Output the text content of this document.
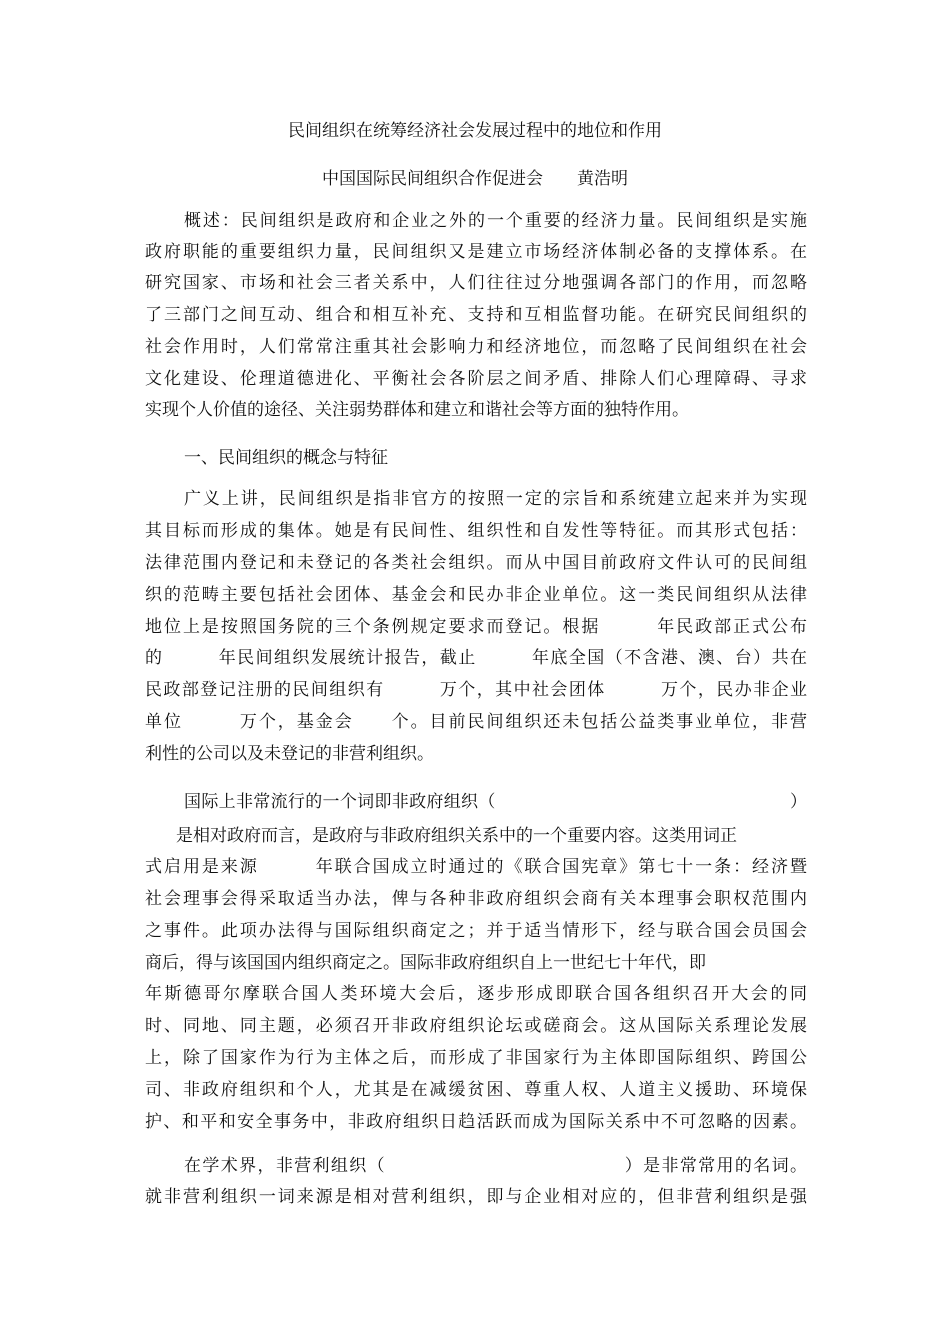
民间组织在统筹经济社会发展过程中的地位和作用
中国国际民间组织合作促进会　　黄浩明
概述：民间组织是政府和企业之外的一个重要的经济力量。民间组织是实施
政府职能的重要组织力量，民间组织又是建立市场经济体制必备的支撑体系。在
研究国家、市场和社会三者关系中，人们往往过分地强调各部门的作用，而忽略
了三部门之间互动、组合和相互补充、支持和互相监督功能。在研究民间组织的
社会作用时，人们常常注重其社会影响力和经济地位，而忽略了民间组织在社会
文化建设、伦理道德进化、平衡社会各阶层之间矛盾、排除人们心理障碍、寻求
实现个人价值的途径、关注弱势群体和建立和谐社会等方面的独特作用。
一、民间组织的概念与特征
广义上讲，民间组织是指非官方的按照一定的宗旨和系统建立起来并为实现
其目标而形成的集体。她是有民间性、组织性和自发性等特征。而其形式包括：
法律范围内登记和未登记的各类社会组织。而从中国目前政府文件认可的民间组
织的范畴主要包括社会团体、基金会和民办非企业单位。这一类民间组织从法律
地位上是按照国务院的三个条例规定要求而登记。根据　　　年民政部正式公布
的　　　年民间组织发展统计报告，截止　　　年底全国（不含港、澳、台）共在
民政部登记注册的民间组织有　　　万个，其中社会团体　　　万个，民办非企业
单位　　　万个，基金会　　个。目前民间组织还未包括公益类事业单位，非营
利性的公司以及未登记的非营利组织。
国际上非常流行的一个词即非政府组织（　　　　　　　　　　　　　　　　　）
是相对政府而言，是政府与非政府组织关系中的一个重要内容。这类用词正
式启用是来源　　　年联合国成立时通过的《联合国宪章》第七十一条：经济暨
社会理事会得采取适当办法，俾与各种非政府组织会商有关本理事会职权范围内
之事件。此项办法得与国际组织商定之；并于适当情形下，经与联合国会员国会
商后，得与该国国内组织商定之。国际非政府组织自上一世纪七十年代，即
年斯德哥尔摩联合国人类环境大会后，逐步形成即联合国各组织召开大会的同
时、同地、同主题，必须召开非政府组织论坛或磋商会。这从国际关系理论发展
上，除了国家作为行为主体之后，而形成了非国家行为主体即国际组织、跨国公
司、非政府组织和个人，尤其是在减缓贫困、尊重人权、人道主义援助、环境保
护、和平和安全事务中，非政府组织日趋活跃而成为国际关系中不可忽略的因素。
在学术界，非营利组织（　　　　　　　　　　　　　）是非常常用的名词。
就非营利组织一词来源是相对营利组织，即与企业相对应的，但非营利组织是强
